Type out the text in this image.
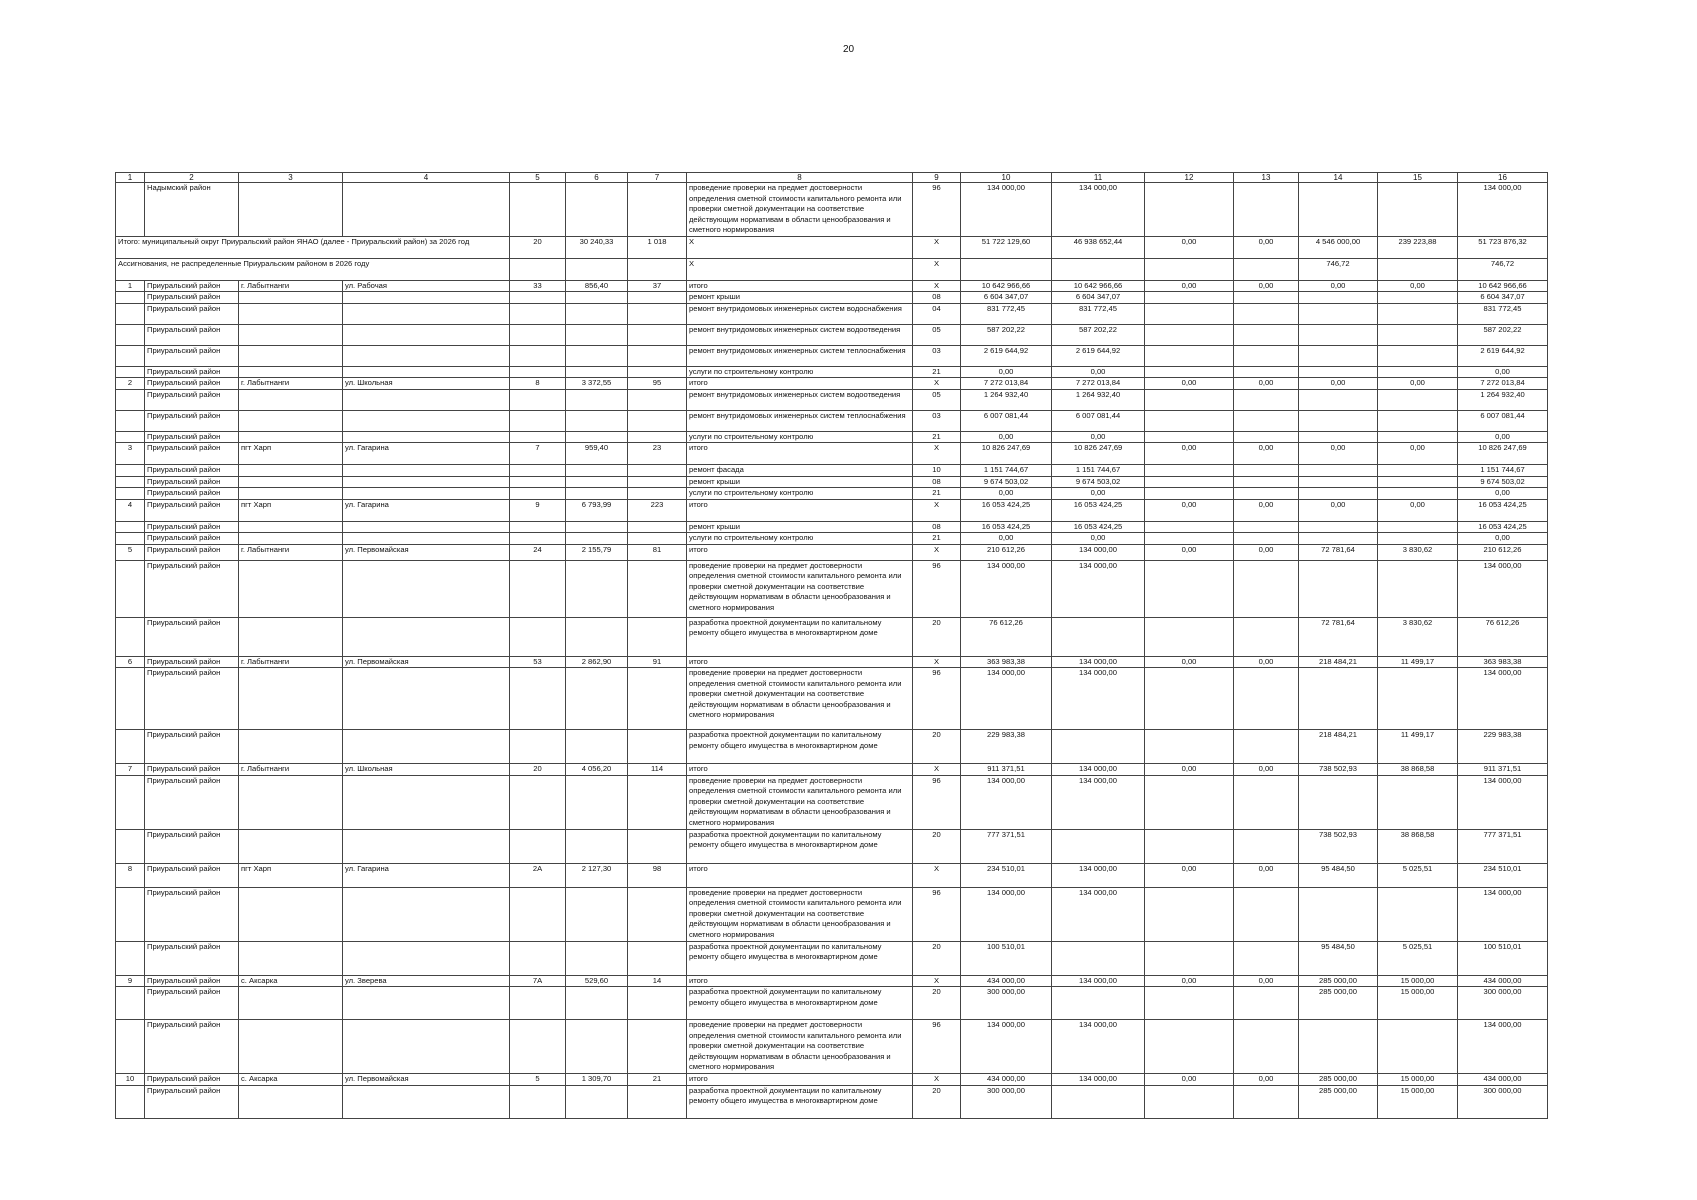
20
1	2	3	4	5	6	7	8	9	10	11	12	13	14	15	16
	Надымский район						проведение проверки на предмет достоверности определения сметной стоимости капитального ремонта или проверки сметной документации на соответствие действующим нормативам в области ценообразования и сметного нормирования	96	134 000,00	134 000,00					134 000,00
Итого: муниципальный округ Приуральский район ЯНАО (далее - Приуральский район) за 2026 год				20	30 240,33	1 018	X	X	51 722 129,60	46 938 652,44	0,00	0,00	4 546 000,00	239 223,88	51 723 876,32
Ассигнования, не распределенные Приуральским районом в 2026 году							X	X					746,72		746,72
1	Приуральский район	г. Лабытнанги	ул. Рабочая	33	856,40	37	итого	X	10 642 966,66	10 642 966,66	0,00	0,00	0,00	0,00	10 642 966,66
	Приуральский район						ремонт крыши	08	6 604 347,07	6 604 347,07					6 604 347,07
	Приуральский район						ремонт внутридомовых инженерных систем водоснабжения	04	831 772,45	831 772,45					831 772,45
	Приуральский район						ремонт внутридомовых инженерных систем водоотведения	05	587 202,22	587 202,22					587 202,22
	Приуральский район						ремонт внутридомовых инженерных систем теплоснабжения	03	2 619 644,92	2 619 644,92					2 619 644,92
	Приуральский район						услуги по строительному контролю	21	0,00	0,00					0,00
2	Приуральский район	г. Лабытнанги	ул. Школьная	8	3 372,55	95	итого	X	7 272 013,84	7 272 013,84	0,00	0,00	0,00	0,00	7 272 013,84
	Приуральский район						ремонт внутридомовых инженерных систем водоотведения	05	1 264 932,40	1 264 932,40					1 264 932,40
	Приуральский район						ремонт внутридомовых инженерных систем теплоснабжения	03	6 007 081,44	6 007 081,44					6 007 081,44
	Приуральский район						услуги по строительному контролю	21	0,00	0,00					0,00
3	Приуральский район	пгт Харп	ул. Гагарина	7	959,40	23	итого	X	10 826 247,69	10 826 247,69	0,00	0,00	0,00	0,00	10 826 247,69
	Приуральский район						ремонт фасада	10	1 151 744,67	1 151 744,67					1 151 744,67
	Приуральский район						ремонт крыши	08	9 674 503,02	9 674 503,02					9 674 503,02
	Приуральский район						услуги по строительному контролю	21	0,00	0,00					0,00
4	Приуральский район	пгт Харп	ул. Гагарина	9	6 793,99	223	итого	X	16 053 424,25	16 053 424,25	0,00	0,00	0,00	0,00	16 053 424,25
	Приуральский район						ремонт крыши	08	16 053 424,25	16 053 424,25					16 053 424,25
	Приуральский район						услуги по строительному контролю	21	0,00	0,00					0,00
5	Приуральский район	г. Лабытнанги	ул. Первомайская	24	2 155,79	81	итого	X	210 612,26	134 000,00	0,00	0,00	72 781,64	3 830,62	210 612,26
	Приуральский район						проведение проверки на предмет достоверности определения сметной стоимости капитального ремонта или проверки сметной документации на соответствие действующим нормативам в области ценообразования и сметного нормирования	96	134 000,00	134 000,00					134 000,00
	Приуральский район						разработка проектной документации по капитальному ремонту общего имущества в многоквартирном доме	20	76 612,26				72 781,64	3 830,62	76 612,26
6	Приуральский район	г. Лабытнанги	ул. Первомайская	53	2 862,90	91	итого	X	363 983,38	134 000,00	0,00	0,00	218 484,21	11 499,17	363 983,38
	Приуральский район						проведение проверки на предмет достоверности определения сметной стоимости капитального ремонта или проверки сметной документации на соответствие действующим нормативам в области ценообразования и сметного нормирования	96	134 000,00	134 000,00					134 000,00
	Приуральский район						разработка проектной документации по капитальному ремонту общего имущества в многоквартирном доме	20	229 983,38				218 484,21	11 499,17	229 983,38
7	Приуральский район	г. Лабытнанги	ул. Школьная	20	4 056,20	114	итого	X	911 371,51	134 000,00	0,00	0,00	738 502,93	38 868,58	911 371,51
	Приуральский район						проведение проверки на предмет достоверности определения сметной стоимости капитального ремонта или проверки сметной документации на соответствие действующим нормативам в области ценообразования и сметного нормирования	96	134 000,00	134 000,00					134 000,00
	Приуральский район						разработка проектной документации по капитальному ремонту общего имущества в многоквартирном доме	20	777 371,51				738 502,93	38 868,58	777 371,51
8	Приуральский район	пгт Харп	ул. Гагарина	2А	2 127,30	98	итого	X	234 510,01	134 000,00	0,00	0,00	95 484,50	5 025,51	234 510,01
	Приуральский район						проведение проверки на предмет достоверности определения сметной стоимости капитального ремонта или проверки сметной документации на соответствие действующим нормативам в области ценообразования и сметного нормирования	96	134 000,00	134 000,00					134 000,00
	Приуральский район						разработка проектной документации по капитальному ремонту общего имущества в многоквартирном доме	20	100 510,01				95 484,50	5 025,51	100 510,01
9	Приуральский район	с. Аксарка	ул. Зверева	7А	529,60	14	итого	X	434 000,00	134 000,00	0,00	0,00	285 000,00	15 000,00	434 000,00
	Приуральский район						разработка проектной документации по капитальному ремонту общего имущества в многоквартирном доме	20	300 000,00				285 000,00	15 000,00	300 000,00
	Приуральский район						проведение проверки на предмет достоверности определения сметной стоимости капитального ремонта или проверки сметной документации на соответствие действующим нормативам в области ценообразования и сметного нормирования	96	134 000,00	134 000,00					134 000,00
10	Приуральский район	с. Аксарка	ул. Первомайская	5	1 309,70	21	итого	X	434 000,00	134 000,00	0,00	0,00	285 000,00	15 000,00	434 000,00
	Приуральский район						разработка проектной документации по капитальному ремонту общего имущества в многоквартирном доме	20	300 000,00				285 000,00	15 000,00	300 000,00
